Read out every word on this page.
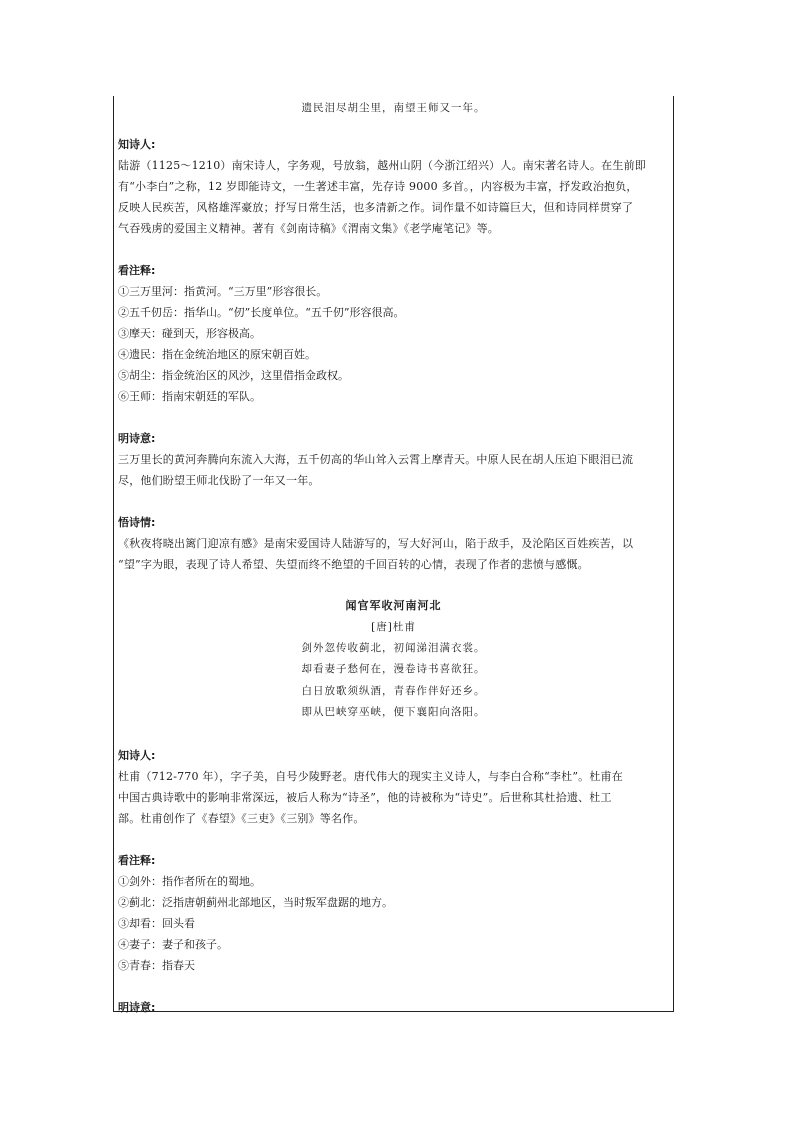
遗民泪尽胡尘里，南望王师又一年。
知诗人:
陆游（1125～1210）南宋诗人，字务观，号放翁，越州山阴（今浙江绍兴）人。南宋著名诗人。在生前即
有“小李白”之称，12 岁即能诗文，一生著述丰富，先存诗 9000 多首。，内容极为丰富，抒发政治抱负，
反映人民疾苦，风格雄浑豪放；抒写日常生活，也多清新之作。词作量不如诗篇巨大，但和诗同样贯穿了
气吞残虏的爱国主义精神。著有《剑南诗稿》《渭南文集》《老学庵笔记》等。
看注释:
①三万里河：指黄河。“三万里”形容很长。
②五千仞岳：指华山。“仞”长度单位。“五千仞”形容很高。
③摩天：碰到天，形容极高。
④遗民：指在金统治地区的原宋朝百姓。
⑤胡尘：指金统治区的风沙，这里借指金政权。
⑥王师：指南宋朝廷的军队。
明诗意:
三万里长的黄河奔腾向东流入大海，五千仞高的华山耸入云霄上摩青天。中原人民在胡人压迫下眼泪已流
尽，他们盼望王师北伐盼了一年又一年。
悟诗情:
《秋夜将晓出篱门迎凉有感》是南宋爱国诗人陆游写的，写大好河山，陷于敌手，及沦陷区百姓疾苦，以
“望”字为眼，表现了诗人希望、失望而终不绝望的千回百转的心情，表现了作者的悲愤与感慨。
闻官军收河南河北
[唐]杜甫
剑外忽传收蓟北，初闻涕泪满衣裳。
却看妻子愁何在，漫卷诗书喜欲狂。
白日放歌须纵酒，青春作伴好还乡。
即从巴峡穿巫峡，便下襄阳向洛阳。
知诗人:
杜甫（712-770 年），字子美，自号少陵野老。唐代伟大的现实主义诗人，与李白合称“李杜”。杜甫在
中国古典诗歌中的影响非常深远，被后人称为“诗圣”，他的诗被称为“诗史”。后世称其杜拾遗、杜工
部。杜甫创作了《春望》《三吏》《三别》等名作。
看注释:
①剑外：指作者所在的蜀地。
②蓟北：泛指唐朝蓟州北部地区，当时叛军盘踞的地方。
③却看：回头看
④妻子：妻子和孩子。
⑤青春：指春天
明诗意:
